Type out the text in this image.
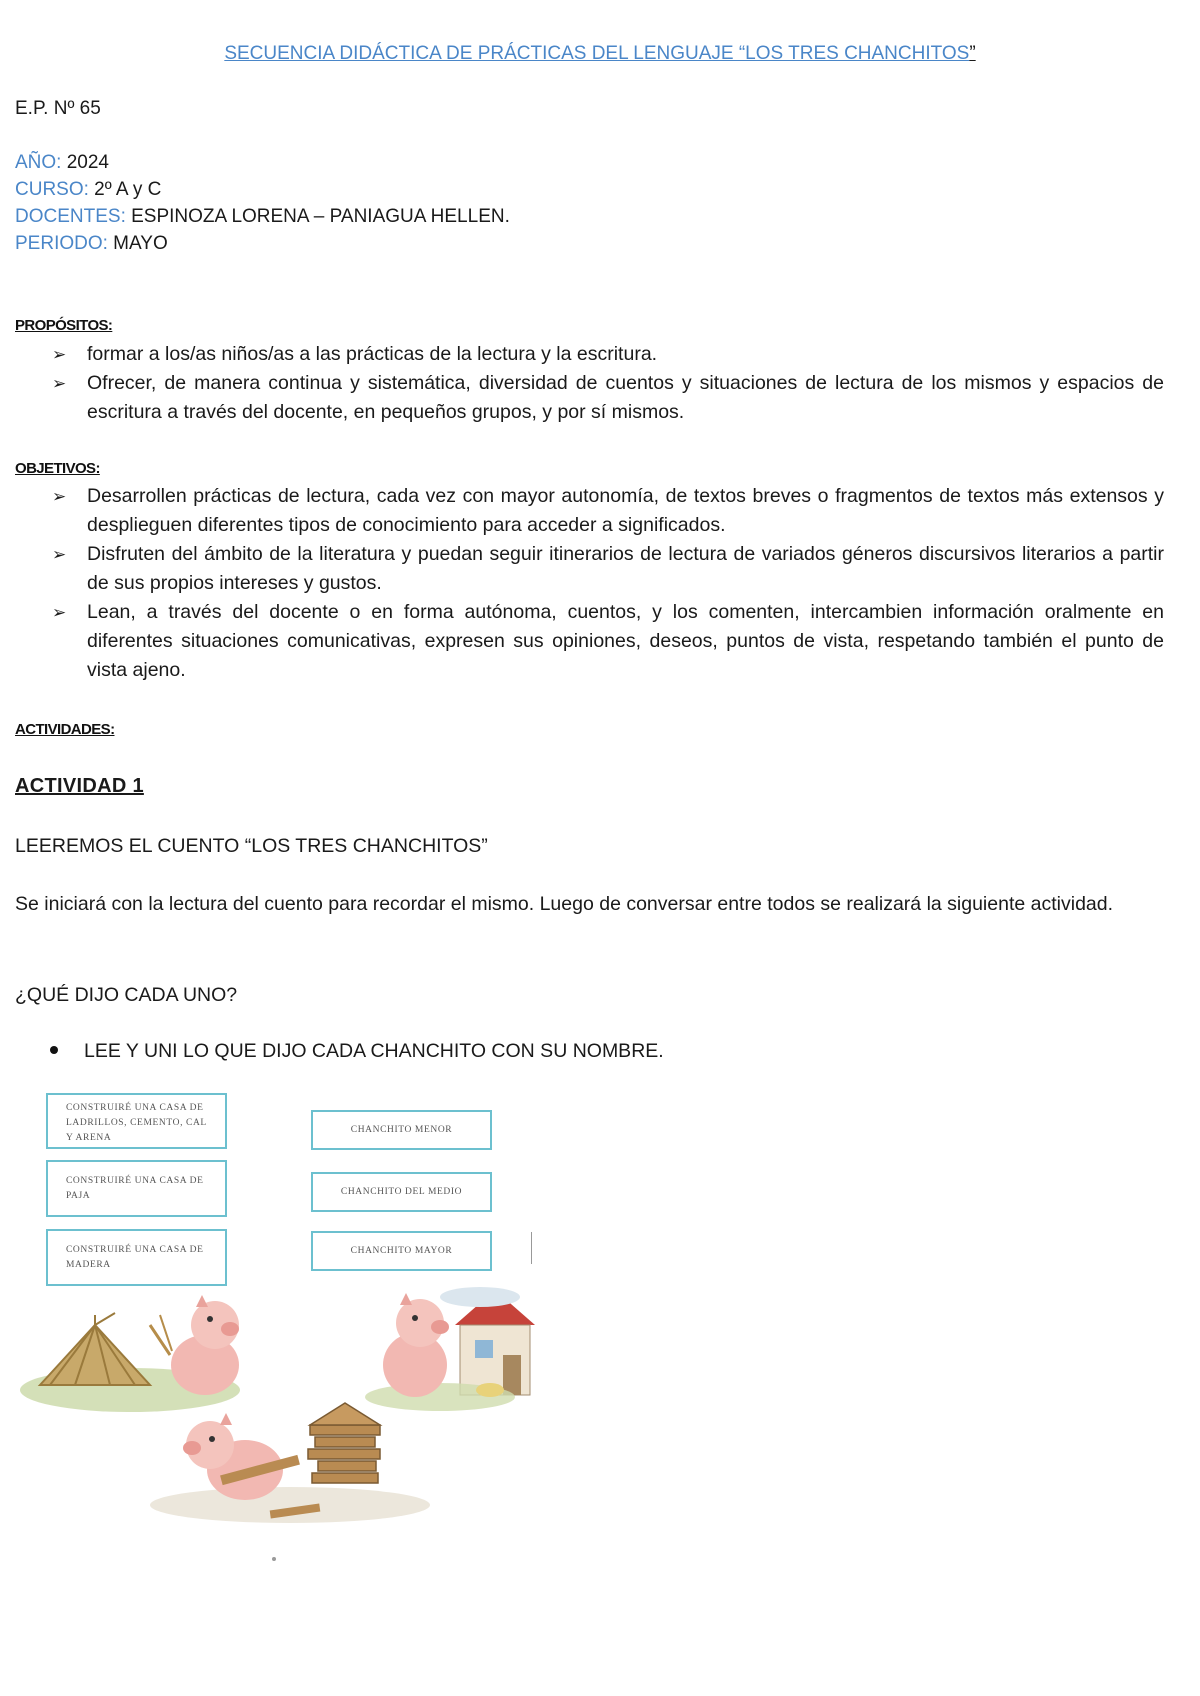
SECUENCIA DIDÁCTICA DE PRÁCTICAS DEL LENGUAJE “LOS TRES CHANCHITOS”
E.P. Nº 65
AÑO: 2024
CURSO: 2º A y C
DOCENTES: ESPINOZA LORENA – PANIAGUA HELLEN.
PERIODO: MAYO
PROPÓSITOS:
➢ formar a los/as niños/as a las prácticas de la lectura y la escritura.
➢ Ofrecer, de manera continua y sistemática, diversidad de cuentos y situaciones de lectura de los mismos y espacios de escritura a través del docente, en pequeños grupos, y por sí mismos.
OBJETIVOS:
➢ Desarrollen prácticas de lectura, cada vez con mayor autonomía, de textos breves o fragmentos de textos más extensos y desplieguen diferentes tipos de conocimiento para acceder a significados.
➢ Disfruten del ámbito de la literatura y puedan seguir itinerarios de lectura de variados géneros discursivos literarios a partir de sus propios intereses y gustos.
➢ Lean, a través del docente o en forma autónoma, cuentos, y los comenten, intercambien información oralmente en diferentes situaciones comunicativas, expresen sus opiniones, deseos, puntos de vista, respetando también el punto de vista ajeno.
ACTIVIDADES:
ACTIVIDAD 1
LEEREMOS EL CUENTO “LOS TRES CHANCHITOS”
Se iniciará con la lectura del cuento para recordar el mismo. Luego de conversar entre todos se realizará la siguiente actividad.
¿QUÉ DIJO CADA UNO?
LEE Y UNI LO QUE DIJO CADA CHANCHITO CON SU NOMBRE.
CONSTRUIRÉ UNA CASA DE LADRILLOS, CEMENTO, CAL Y ARENA
CONSTRUIRÉ UNA CASA DE PAJA
CONSTRUIRÉ UNA CASA DE MADERA
CHANCHITO MENOR
CHANCHITO DEL MEDIO
CHANCHITO MAYOR
